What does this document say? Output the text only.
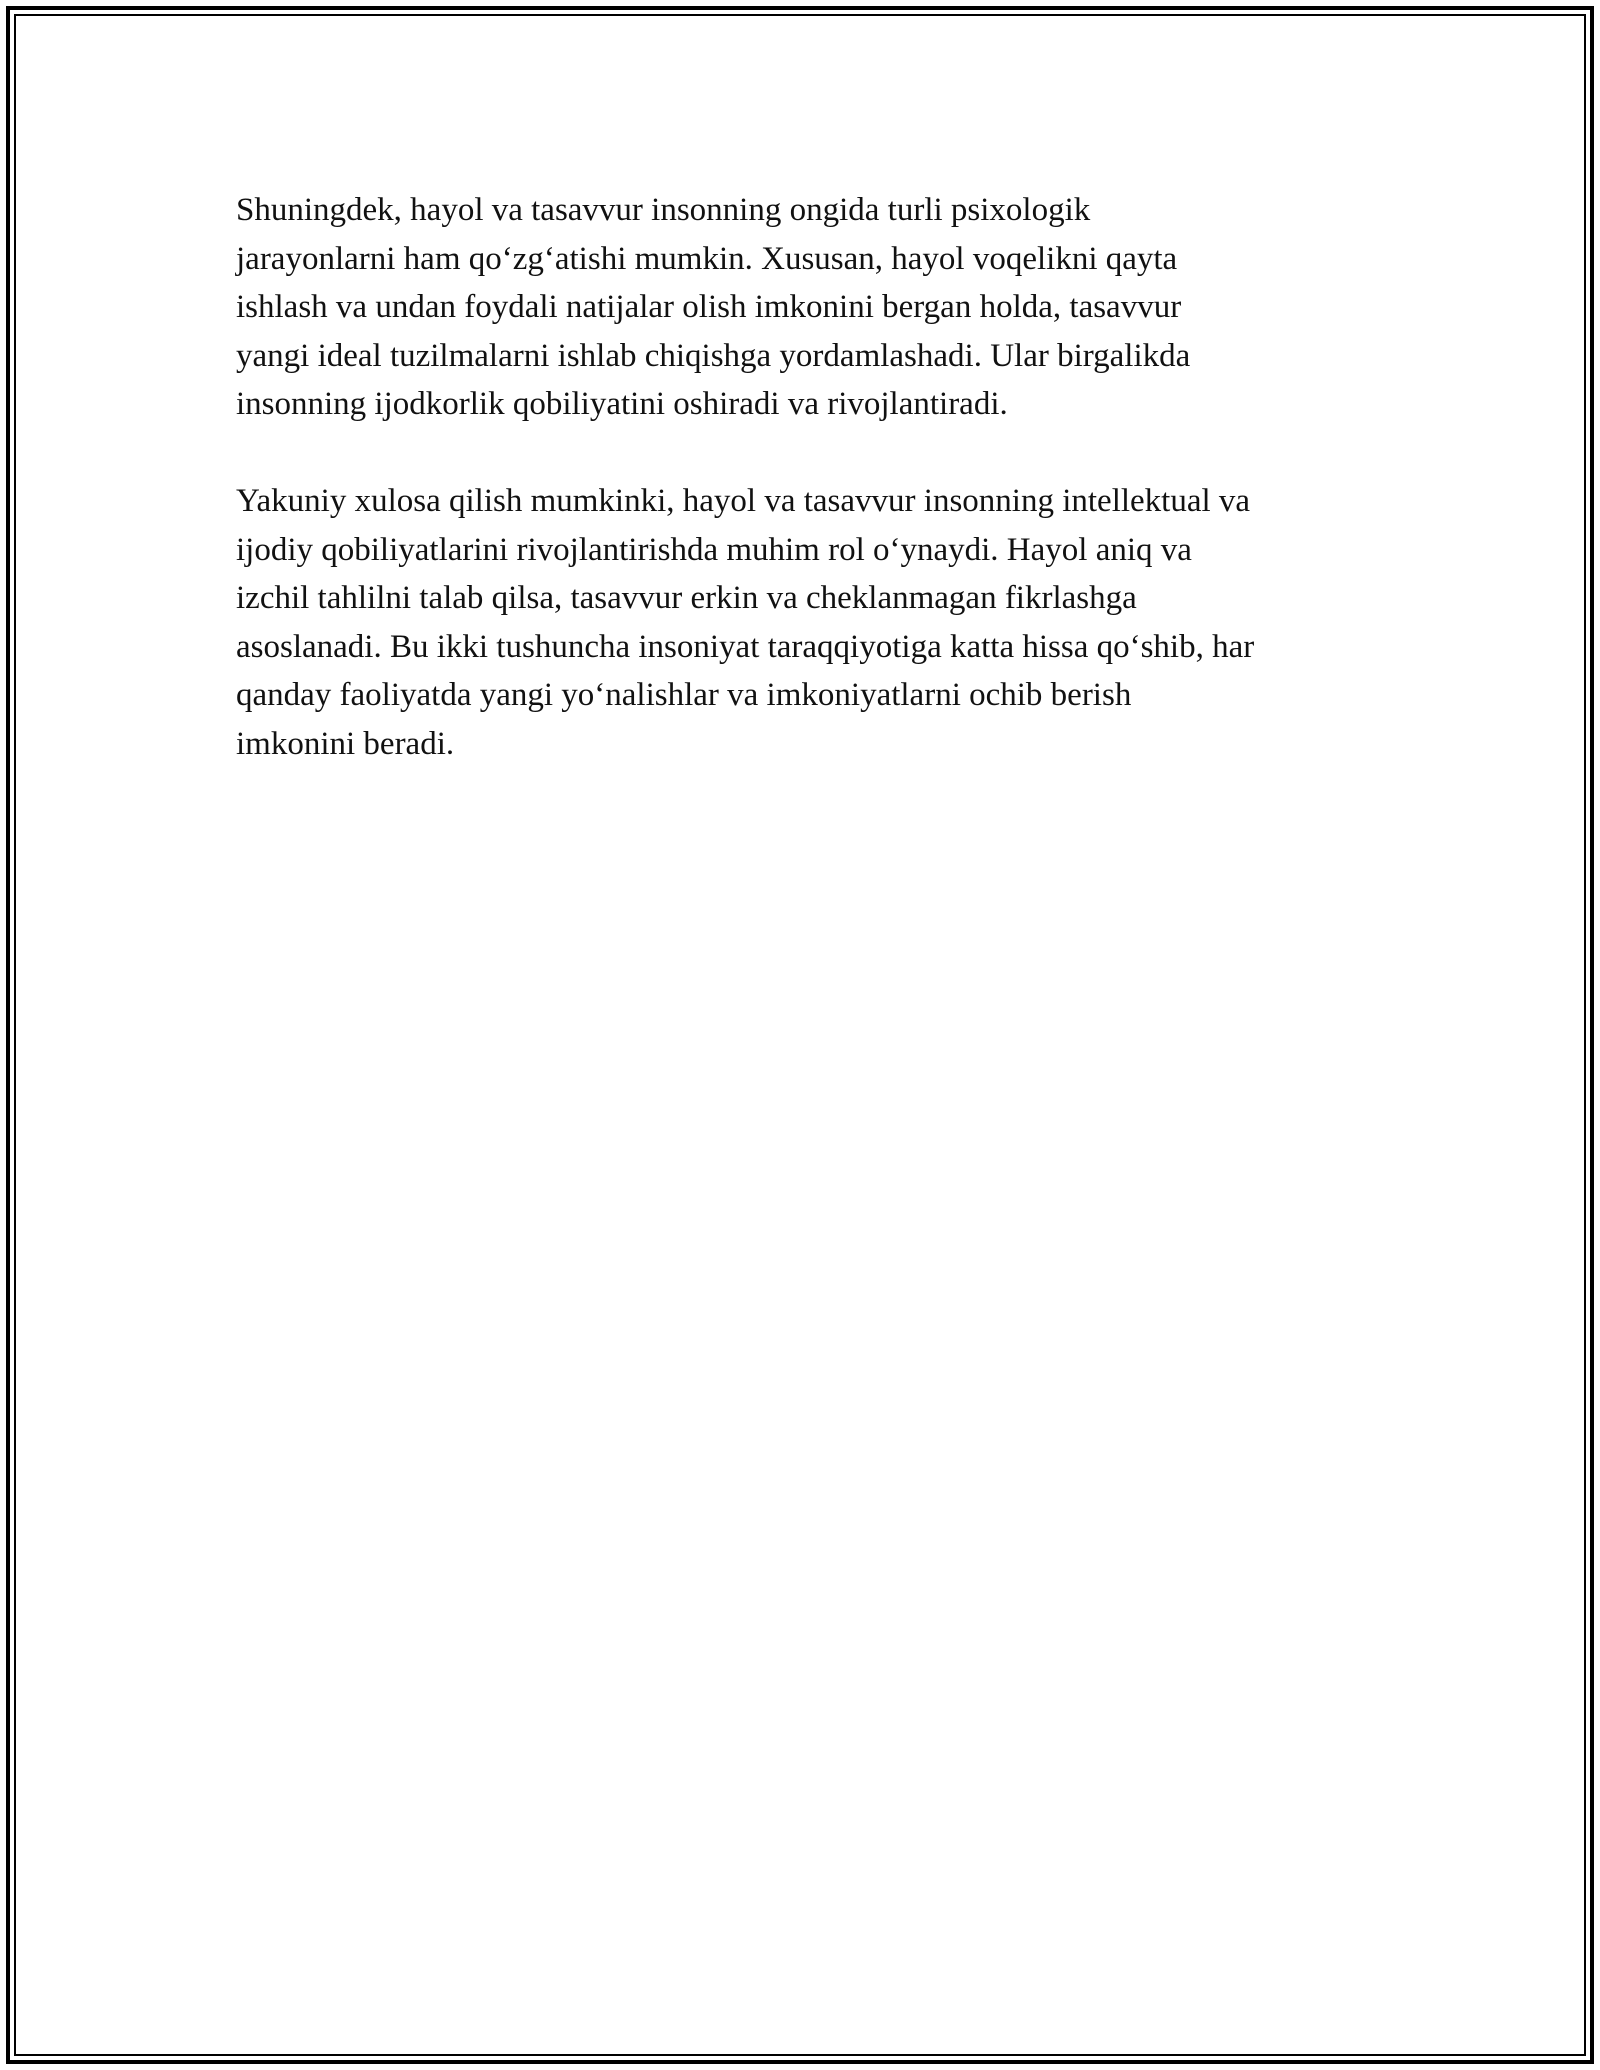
Shuningdek, hayol va tasavvur insonning ongida turli psixologik
jarayonlarni ham qo‘zg‘atishi mumkin. Xususan, hayol voqelikni qayta
ishlash va undan foydali natijalar olish imkonini bergan holda, tasavvur
yangi ideal tuzilmalarni ishlab chiqishga yordamlashadi. Ular birgalikda
insonning ijodkorlik qobiliyatini oshiradi va rivojlantiradi.

Yakuniy xulosa qilish mumkinki, hayol va tasavvur insonning intellektual va
ijodiy qobiliyatlarini rivojlantirishda muhim rol o‘ynaydi. Hayol aniq va
izchil tahlilni talab qilsa, tasavvur erkin va cheklanmagan fikrlashga
asoslanadi. Bu ikki tushuncha insoniyat taraqqiyotiga katta hissa qo‘shib, har
qanday faoliyatda yangi yo‘nalishlar va imkoniyatlarni ochib berish
imkonini beradi.
